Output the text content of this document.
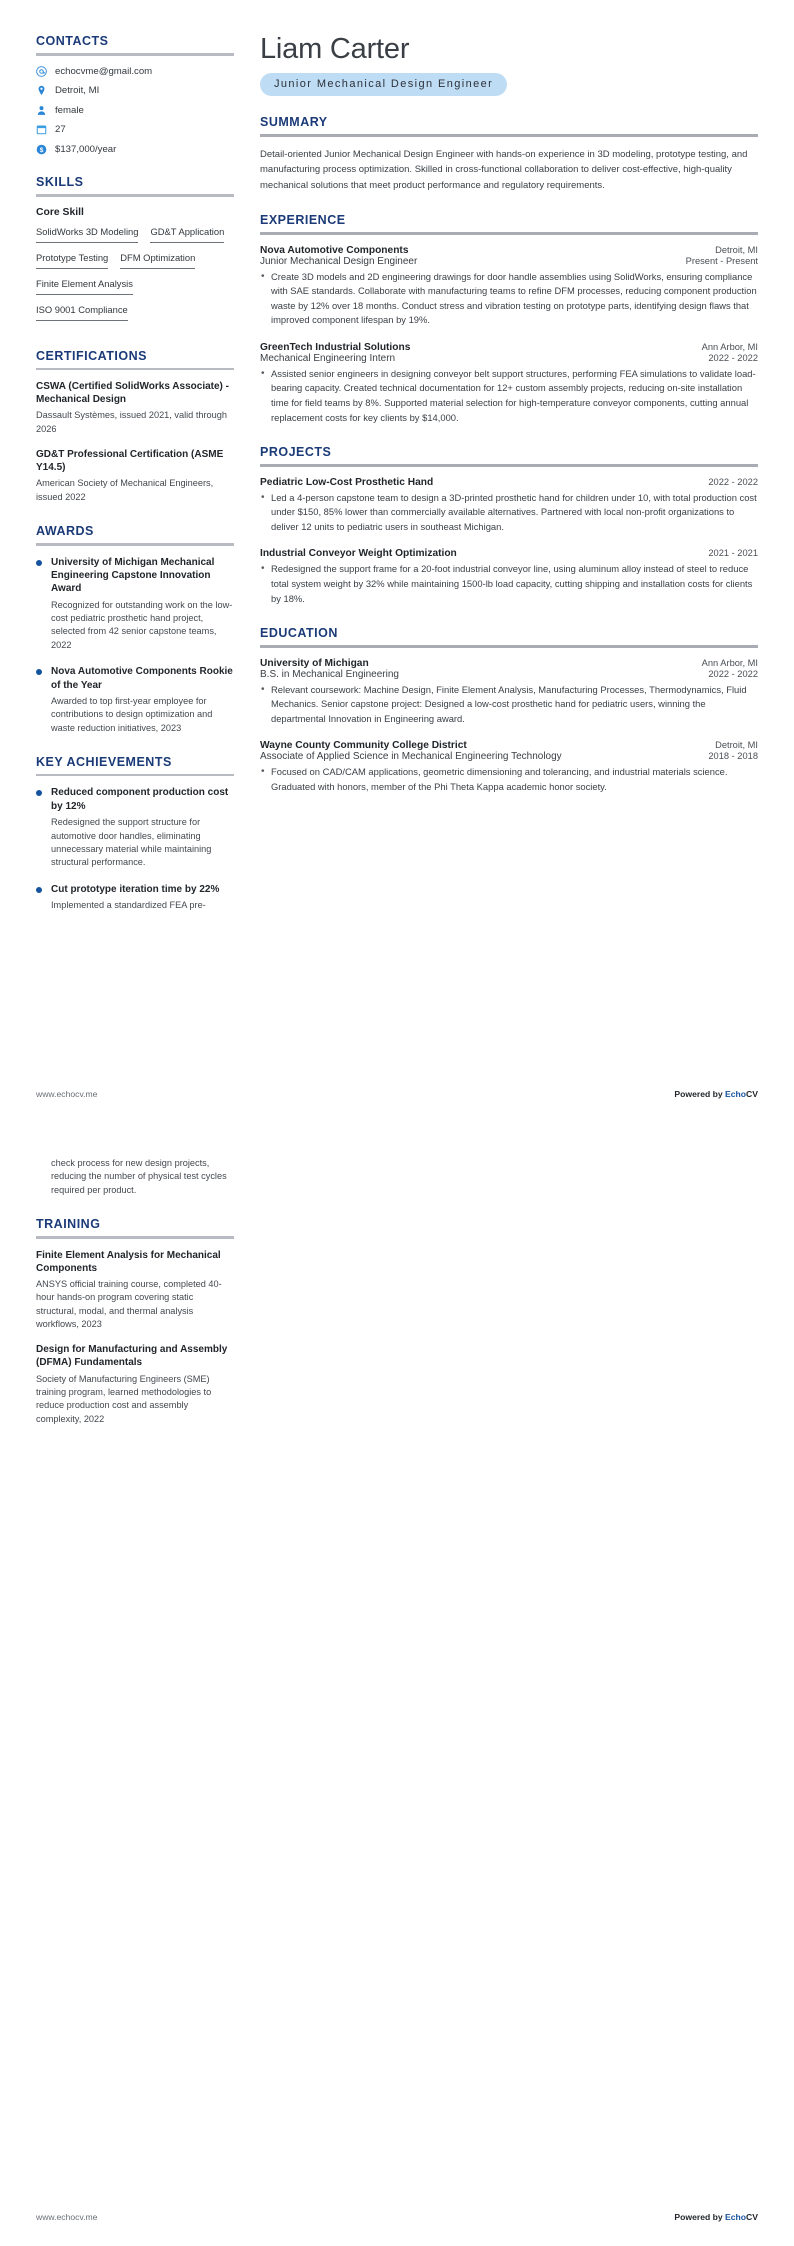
CONTACTS
echocvme@gmail.com
Detroit, MI
female
27
$ $137,000/year
SKILLS
Core Skill
SolidWorks 3D Modeling GD&T Application
Prototype Testing DFM Optimization
Finite Element Analysis
ISO 9001 Compliance
CERTIFICATIONS
CSWA (Certified SolidWorks Associate) - Mechanical Design
Dassault Systèmes, issued 2021, valid through 2026
GD&T Professional Certification (ASME Y14.5)
American Society of Mechanical Engineers, issued 2022
AWARDS
University of Michigan Mechanical Engineering Capstone Innovation Award
Recognized for outstanding work on the low-cost pediatric prosthetic hand project, selected from 42 senior capstone teams, 2022
Nova Automotive Components Rookie of the Year
Awarded to top first-year employee for contributions to design optimization and waste reduction initiatives, 2023
KEY ACHIEVEMENTS
Reduced component production cost by 12%
Redesigned the support structure for automotive door handles, eliminating unnecessary material while maintaining structural performance.
Cut prototype iteration time by 22%
Implemented a standardized FEA pre-
Liam Carter
Junior Mechanical Design Engineer
SUMMARY
Detail-oriented Junior Mechanical Design Engineer with hands-on experience in 3D modeling, prototype testing, and manufacturing process optimization. Skilled in cross-functional collaboration to deliver cost-effective, high-quality mechanical solutions that meet product performance and regulatory requirements.
EXPERIENCE
Nova Automotive Components	Detroit, MI
Junior Mechanical Design Engineer	Present - Present
• Create 3D models and 2D engineering drawings for door handle assemblies using SolidWorks, ensuring compliance with SAE standards. Collaborate with manufacturing teams to refine DFM processes, reducing component production waste by 12% over 18 months. Conduct stress and vibration testing on prototype parts, identifying design flaws that improved component lifespan by 19%.
GreenTech Industrial Solutions	Ann Arbor, MI
Mechanical Engineering Intern	2022 - 2022
• Assisted senior engineers in designing conveyor belt support structures, performing FEA simulations to validate load-bearing capacity. Created technical documentation for 12+ custom assembly projects, reducing on-site installation time for field teams by 8%. Supported material selection for high-temperature conveyor components, cutting annual replacement costs for key clients by $14,000.
PROJECTS
Pediatric Low-Cost Prosthetic Hand	2022 - 2022
• Led a 4-person capstone team to design a 3D-printed prosthetic hand for children under 10, with total production cost under $150, 85% lower than commercially available alternatives. Partnered with local non-profit organizations to deliver 12 units to pediatric users in southeast Michigan.
Industrial Conveyor Weight Optimization	2021 - 2021
• Redesigned the support frame for a 20-foot industrial conveyor line, using aluminum alloy instead of steel to reduce total system weight by 32% while maintaining 1500-lb load capacity, cutting shipping and installation costs for clients by 18%.
EDUCATION
University of Michigan	Ann Arbor, MI
B.S. in Mechanical Engineering	2022 - 2022
• Relevant coursework: Machine Design, Finite Element Analysis, Manufacturing Processes, Thermodynamics, Fluid Mechanics. Senior capstone project: Designed a low-cost prosthetic hand for pediatric users, winning the departmental Innovation in Engineering award.
Wayne County Community College District	Detroit, MI
Associate of Applied Science in Mechanical Engineering Technology	2018 - 2018
• Focused on CAD/CAM applications, geometric dimensioning and tolerancing, and industrial materials science. Graduated with honors, member of the Phi Theta Kappa academic honor society.
www.echocv.me	Powered by EchoCV
check process for new design projects, reducing the number of physical test cycles required per product.
TRAINING
Finite Element Analysis for Mechanical Components
ANSYS official training course, completed 40-hour hands-on program covering static structural, modal, and thermal analysis workflows, 2023
Design for Manufacturing and Assembly (DFMA) Fundamentals
Society of Manufacturing Engineers (SME) training program, learned methodologies to reduce production cost and assembly complexity, 2022
www.echocv.me	Powered by EchoCV
